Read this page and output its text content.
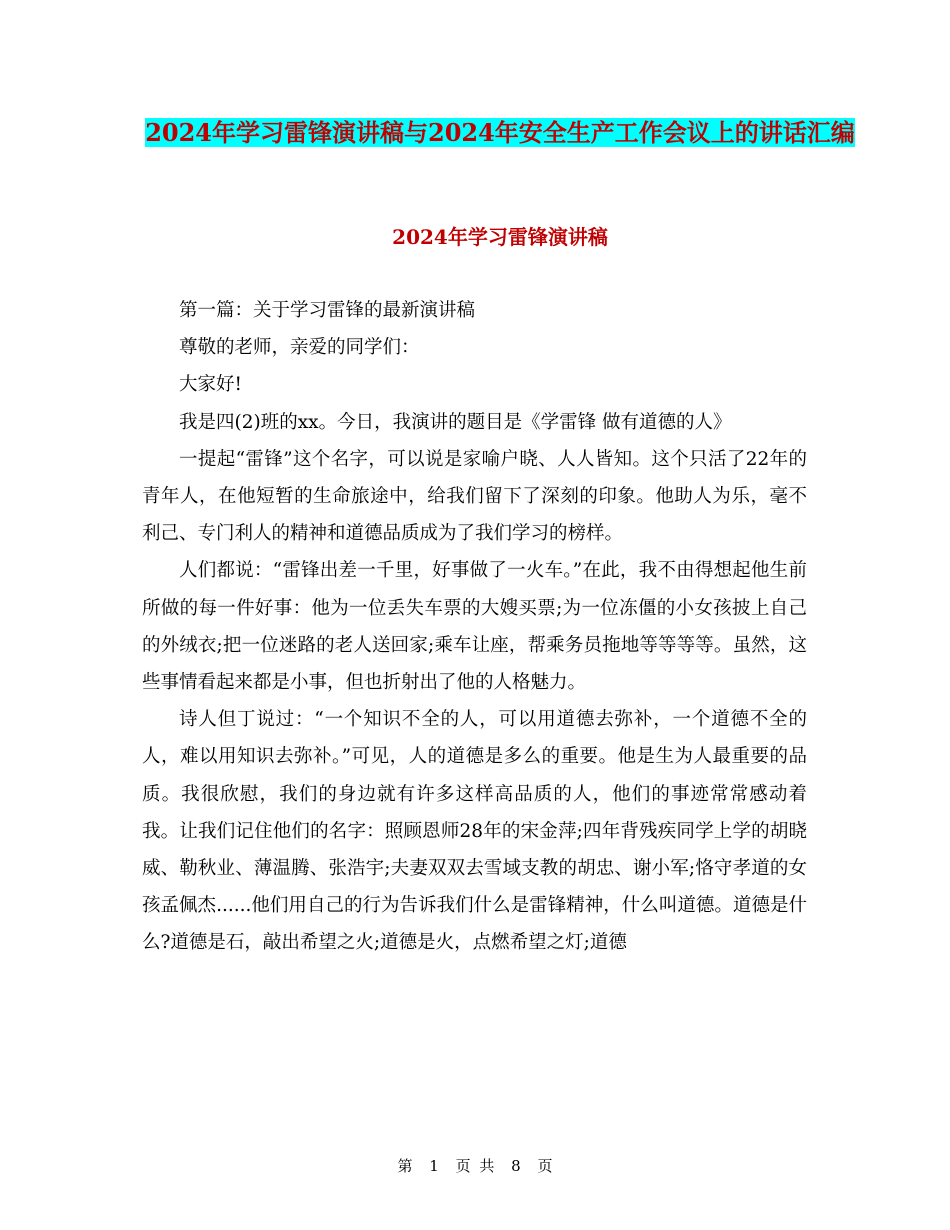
2024年学习雷锋演讲稿与2024年安全生产工作会议上的讲话汇编
2024年学习雷锋演讲稿

第一篇：关于学习雷锋的最新演讲稿

尊敬的老师，亲爱的同学们：

大家好!

我是四(2)班的xx。今日，我演讲的题目是《学雷锋 做有道德的人》

一提起“雷锋”这个名字，可以说是家喻户晓、人人皆知。这个只活了22年的青年人，在他短暂的生命旅途中，给我们留下了深刻的印象。他助人为乐，毫不利己、专门利人的精神和道德品质成为了我们学习的榜样。

人们都说：“雷锋出差一千里，好事做了一火车。”在此，我不由得想起他生前所做的每一件好事：他为一位丢失车票的大嫂买票;为一位冻僵的小女孩披上自己的外绒衣;把一位迷路的老人送回家;乘车让座，帮乘务员拖地等等等等。虽然，这些事情看起来都是小事，但也折射出了他的人格魅力。

诗人但丁说过：“一个知识不全的人，可以用道德去弥补，一个道德不全的人，难以用知识去弥补。”可见，人的道德是多么的重要。他是生为人最重要的品质。我很欣慰，我们的身边就有许多这样高品质的人，他们的事迹常常感动着我。让我们记住他们的名字：照顾恩师28年的宋金萍;四年背残疾同学上学的胡晓威、勒秋业、薄温腾、张浩宇;夫妻双双去雪域支教的胡忠、谢小军;恪守孝道的女孩孟佩杰......他们用自己的行为告诉我们什么是雷锋精神，什么叫道德。道德是什么?道德是石，敲出希望之火;道德是火，点燃希望之灯;道德

第 1 页 共 8 页
